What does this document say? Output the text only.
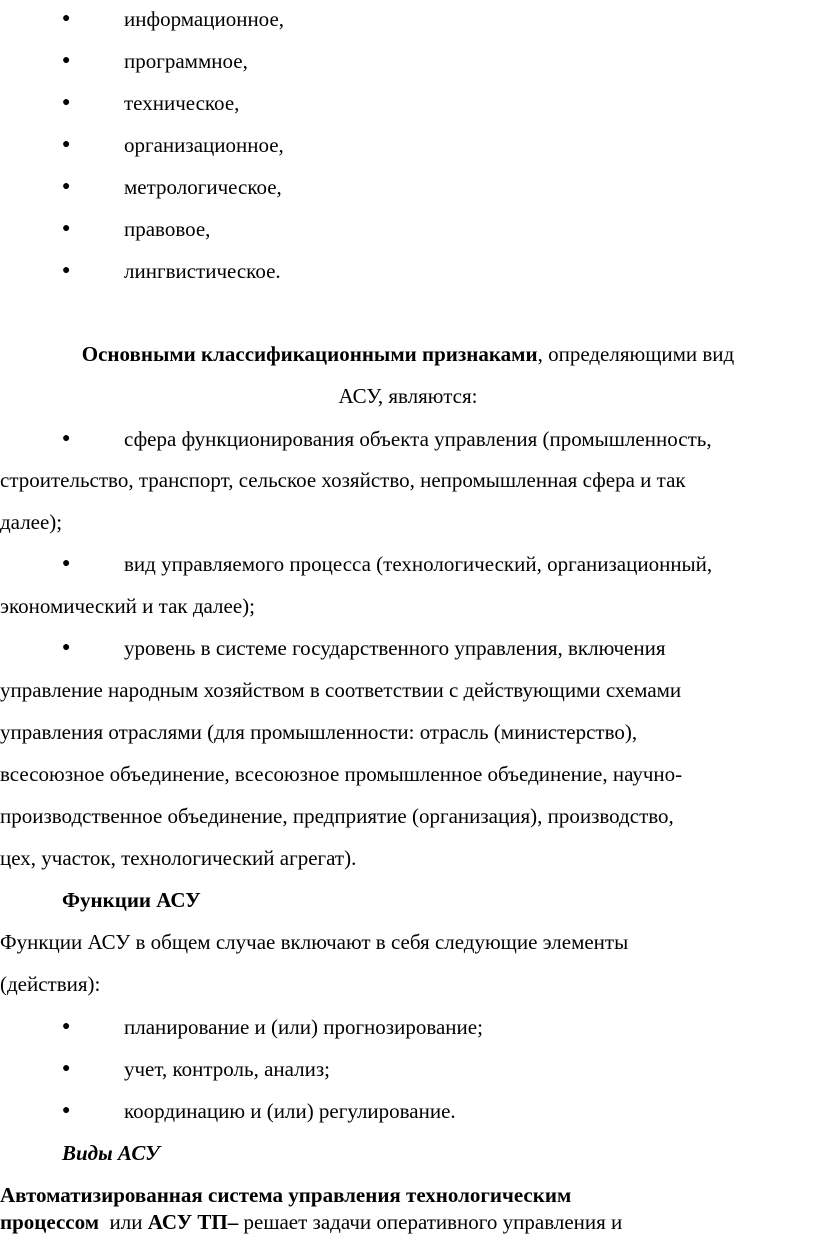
●	информационное,
●	программное,
●	техническое,
●	организационное,
●	метрологическое,
●	правовое,
●	лингвистическое.
Основными классификационными признаками, определяющими вид
АСУ, являются:
●	сфера функционирования объекта управления (промышленность,
строительство, транспорт, сельское хозяйство, непромышленная сфера и так
далее);
●	вид управляемого процесса (технологический, организационный,
экономический и так далее);
●	уровень в системе государственного управления, включения
управление народным хозяйством в соответствии с действующими схемами
управления отраслями (для промышленности: отрасль (министерство),
всесоюзное объединение, всесоюзное промышленное объединение, научно-
производственное объединение, предприятие (организация), производство,
цех, участок, технологический агрегат).
Функции АСУ
Функции АСУ в общем случае включают в себя следующие элементы
(действия):
●	планирование и (или) прогнозирование;
●	учет, контроль, анализ;
●	координацию и (или) регулирование.
Виды АСУ
Автоматизированная система управления технологическим
процессом  или АСУ ТП– решает задачи оперативного управления и
